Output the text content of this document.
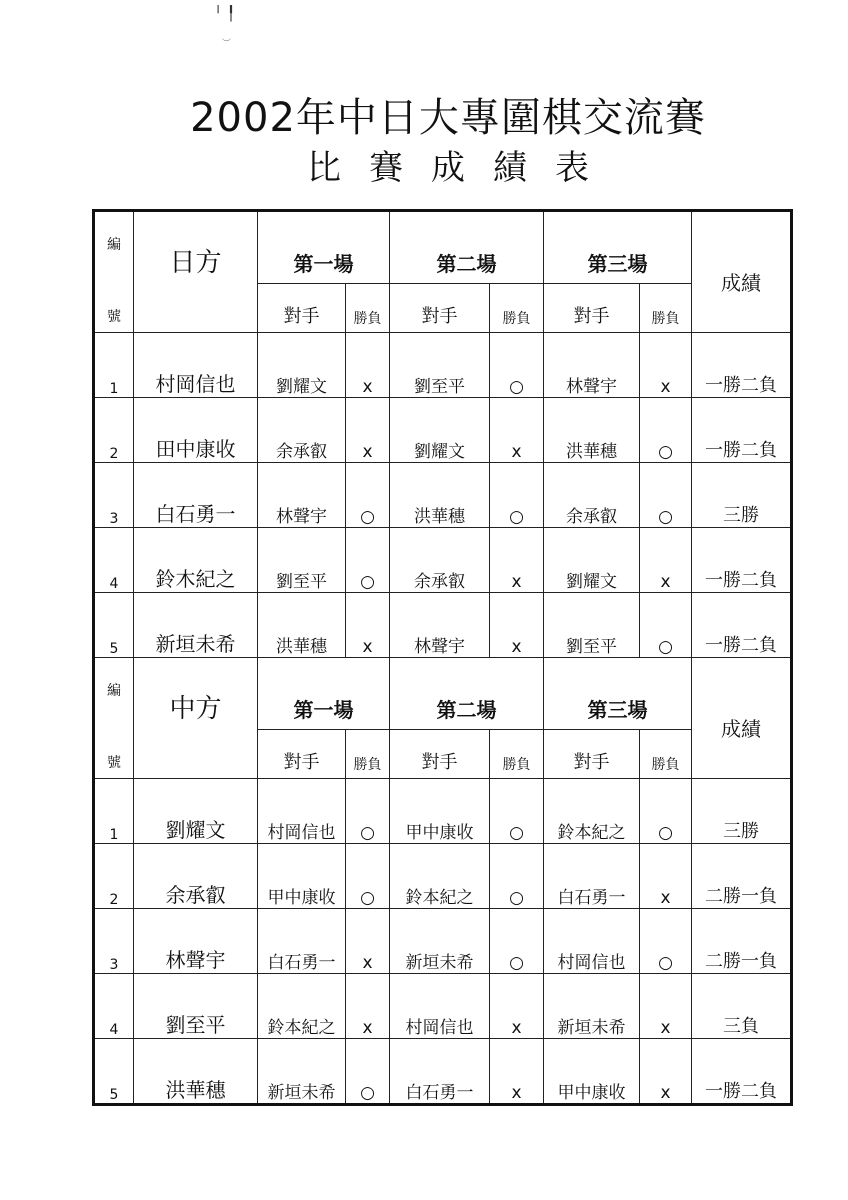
╵ ╿
︶
2002年中日大專圍棋交流賽
比賽成績表
編	日方	第一場		第二場		第三場		成績
號		對手	勝負	對手	勝負	對手	勝負	
1	村岡信也	劉耀文	x	劉至平	○	林聲宇	x	一勝二負
2	田中康收	余承叡	x	劉耀文	x	洪華穗	○	一勝二負
3	白石勇一	林聲宇	○	洪華穗	○	余承叡	○	三勝
4	鈴木紀之	劉至平	○	余承叡	x	劉耀文	x	一勝二負
5	新垣未希	洪華穗	x	林聲宇	x	劉至平	○	一勝二負
編	中方	第一場		第二場		第三場		成績
號		對手	勝負	對手	勝負	對手	勝負	
1	劉耀文	村岡信也	○	甲中康收	○	鈴本紀之	○	三勝
2	余承叡	甲中康收	○	鈴本紀之	○	白石勇一	x	二勝一負
3	林聲宇	白石勇一	x	新垣未希	○	村岡信也	○	二勝一負
4	劉至平	鈴本紀之	x	村岡信也	x	新垣未希	x	三負
5	洪華穗	新垣未希	○	白石勇一	x	甲中康收	x	一勝二負
